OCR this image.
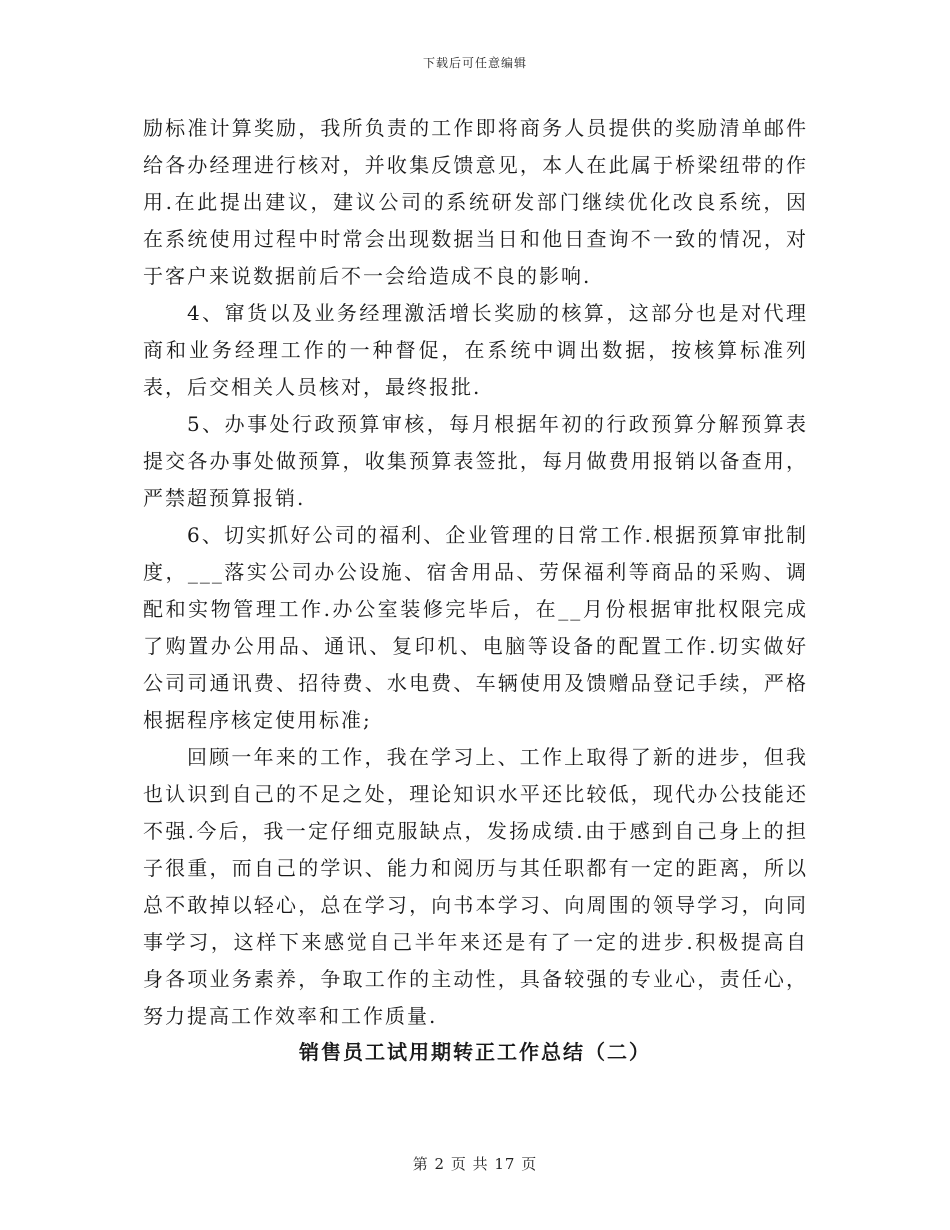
下载后可任意编辑

励标准计算奖励，我所负责的工作即将商务人员提供的奖励清单邮件给各办经理进行核对，并收集反馈意见，本人在此属于桥梁纽带的作用.在此提出建议，建议公司的系统研发部门继续优化改良系统，因在系统使用过程中时常会出现数据当日和他日查询不一致的情况，对于客户来说数据前后不一会给造成不良的影响.

4、窜货以及业务经理激活增长奖励的核算，这部分也是对代理商和业务经理工作的一种督促，在系统中调出数据，按核算标准列表，后交相关人员核对，最终报批.

5、办事处行政预算审核，每月根据年初的行政预算分解预算表提交各办事处做预算，收集预算表签批，每月做费用报销以备查用，严禁超预算报销.

6、切实抓好公司的福利、企业管理的日常工作.根据预算审批制度，___落实公司办公设施、宿舍用品、劳保福利等商品的采购、调配和实物管理工作.办公室装修完毕后，在__月份根据审批权限完成了购置办公用品、通讯、复印机、电脑等设备的配置工作.切实做好公司司通讯费、招待费、水电费、车辆使用及馈赠品登记手续，严格根据程序核定使用标准;

回顾一年来的工作，我在学习上、工作上取得了新的进步，但我也认识到自己的不足之处，理论知识水平还比较低，现代办公技能还不强.今后，我一定仔细克服缺点，发扬成绩.由于感到自己身上的担子很重，而自己的学识、能力和阅历与其任职都有一定的距离，所以总不敢掉以轻心，总在学习，向书本学习、向周围的领导学习，向同事学习，这样下来感觉自己半年来还是有了一定的进步.积极提高自身各项业务素养，争取工作的主动性，具备较强的专业心，责任心，努力提高工作效率和工作质量.

销售员工试用期转正工作总结（二）
第 2 页 共 17 页
